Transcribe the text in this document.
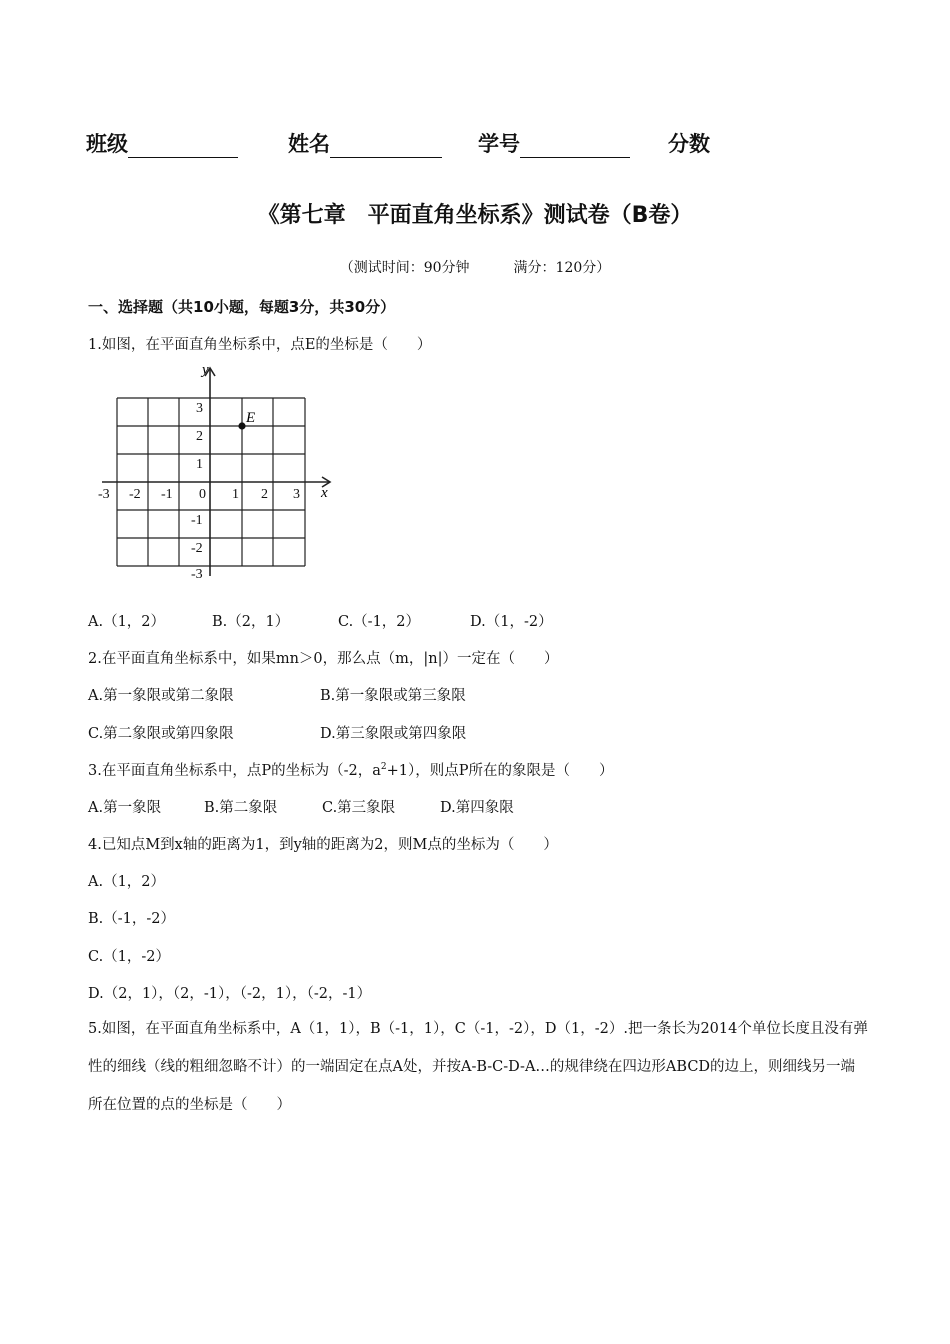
班级	姓名	学号	分数
《第七章　平面直角坐标系》测试卷（B卷）
（测试时间：90分钟	满分：120分）
一、选择题（共10小题，每题3分，共30分）
1.如图，在平面直角坐标系中，点E的坐标是（　　）
y
x
-3 -2 -1 0 1 2 3
3
2
1
-1
-2
-3
E
A.（1，2）	B.（2，1）	C.（-1，2）	D.（1，-2）
2.在平面直角坐标系中，如果mn＞0，那么点（m，|n|）一定在（　　）
A.第一象限或第二象限	B.第一象限或第三象限
C.第二象限或第四象限	D.第三象限或第四象限
3.在平面直角坐标系中，点P的坐标为（-2，$a^2+1$），则点P所在的象限是（　　）
A.第一象限	B.第二象限	C.第三象限	D.第四象限
4.已知点M到x轴的距离为1，到y轴的距离为2，则M点的坐标为（　　）
A.（1，2）
B.（-1，-2）
C.（1，-2）
D.（2，1），（2，-1），（-2，1），（-2，-1）
5.如图，在平面直角坐标系中，A（1，1），B（-1，1），C（-1，-2），D（1，-2）.把一条长为2014个单位长度且没有弹性的细线（线的粗细忽略不计）的一端固定在点A处，并按A-B-C-D-A…的规律绕在四边形ABCD的边上，则细线另一端所在位置的点的坐标是（　　）
